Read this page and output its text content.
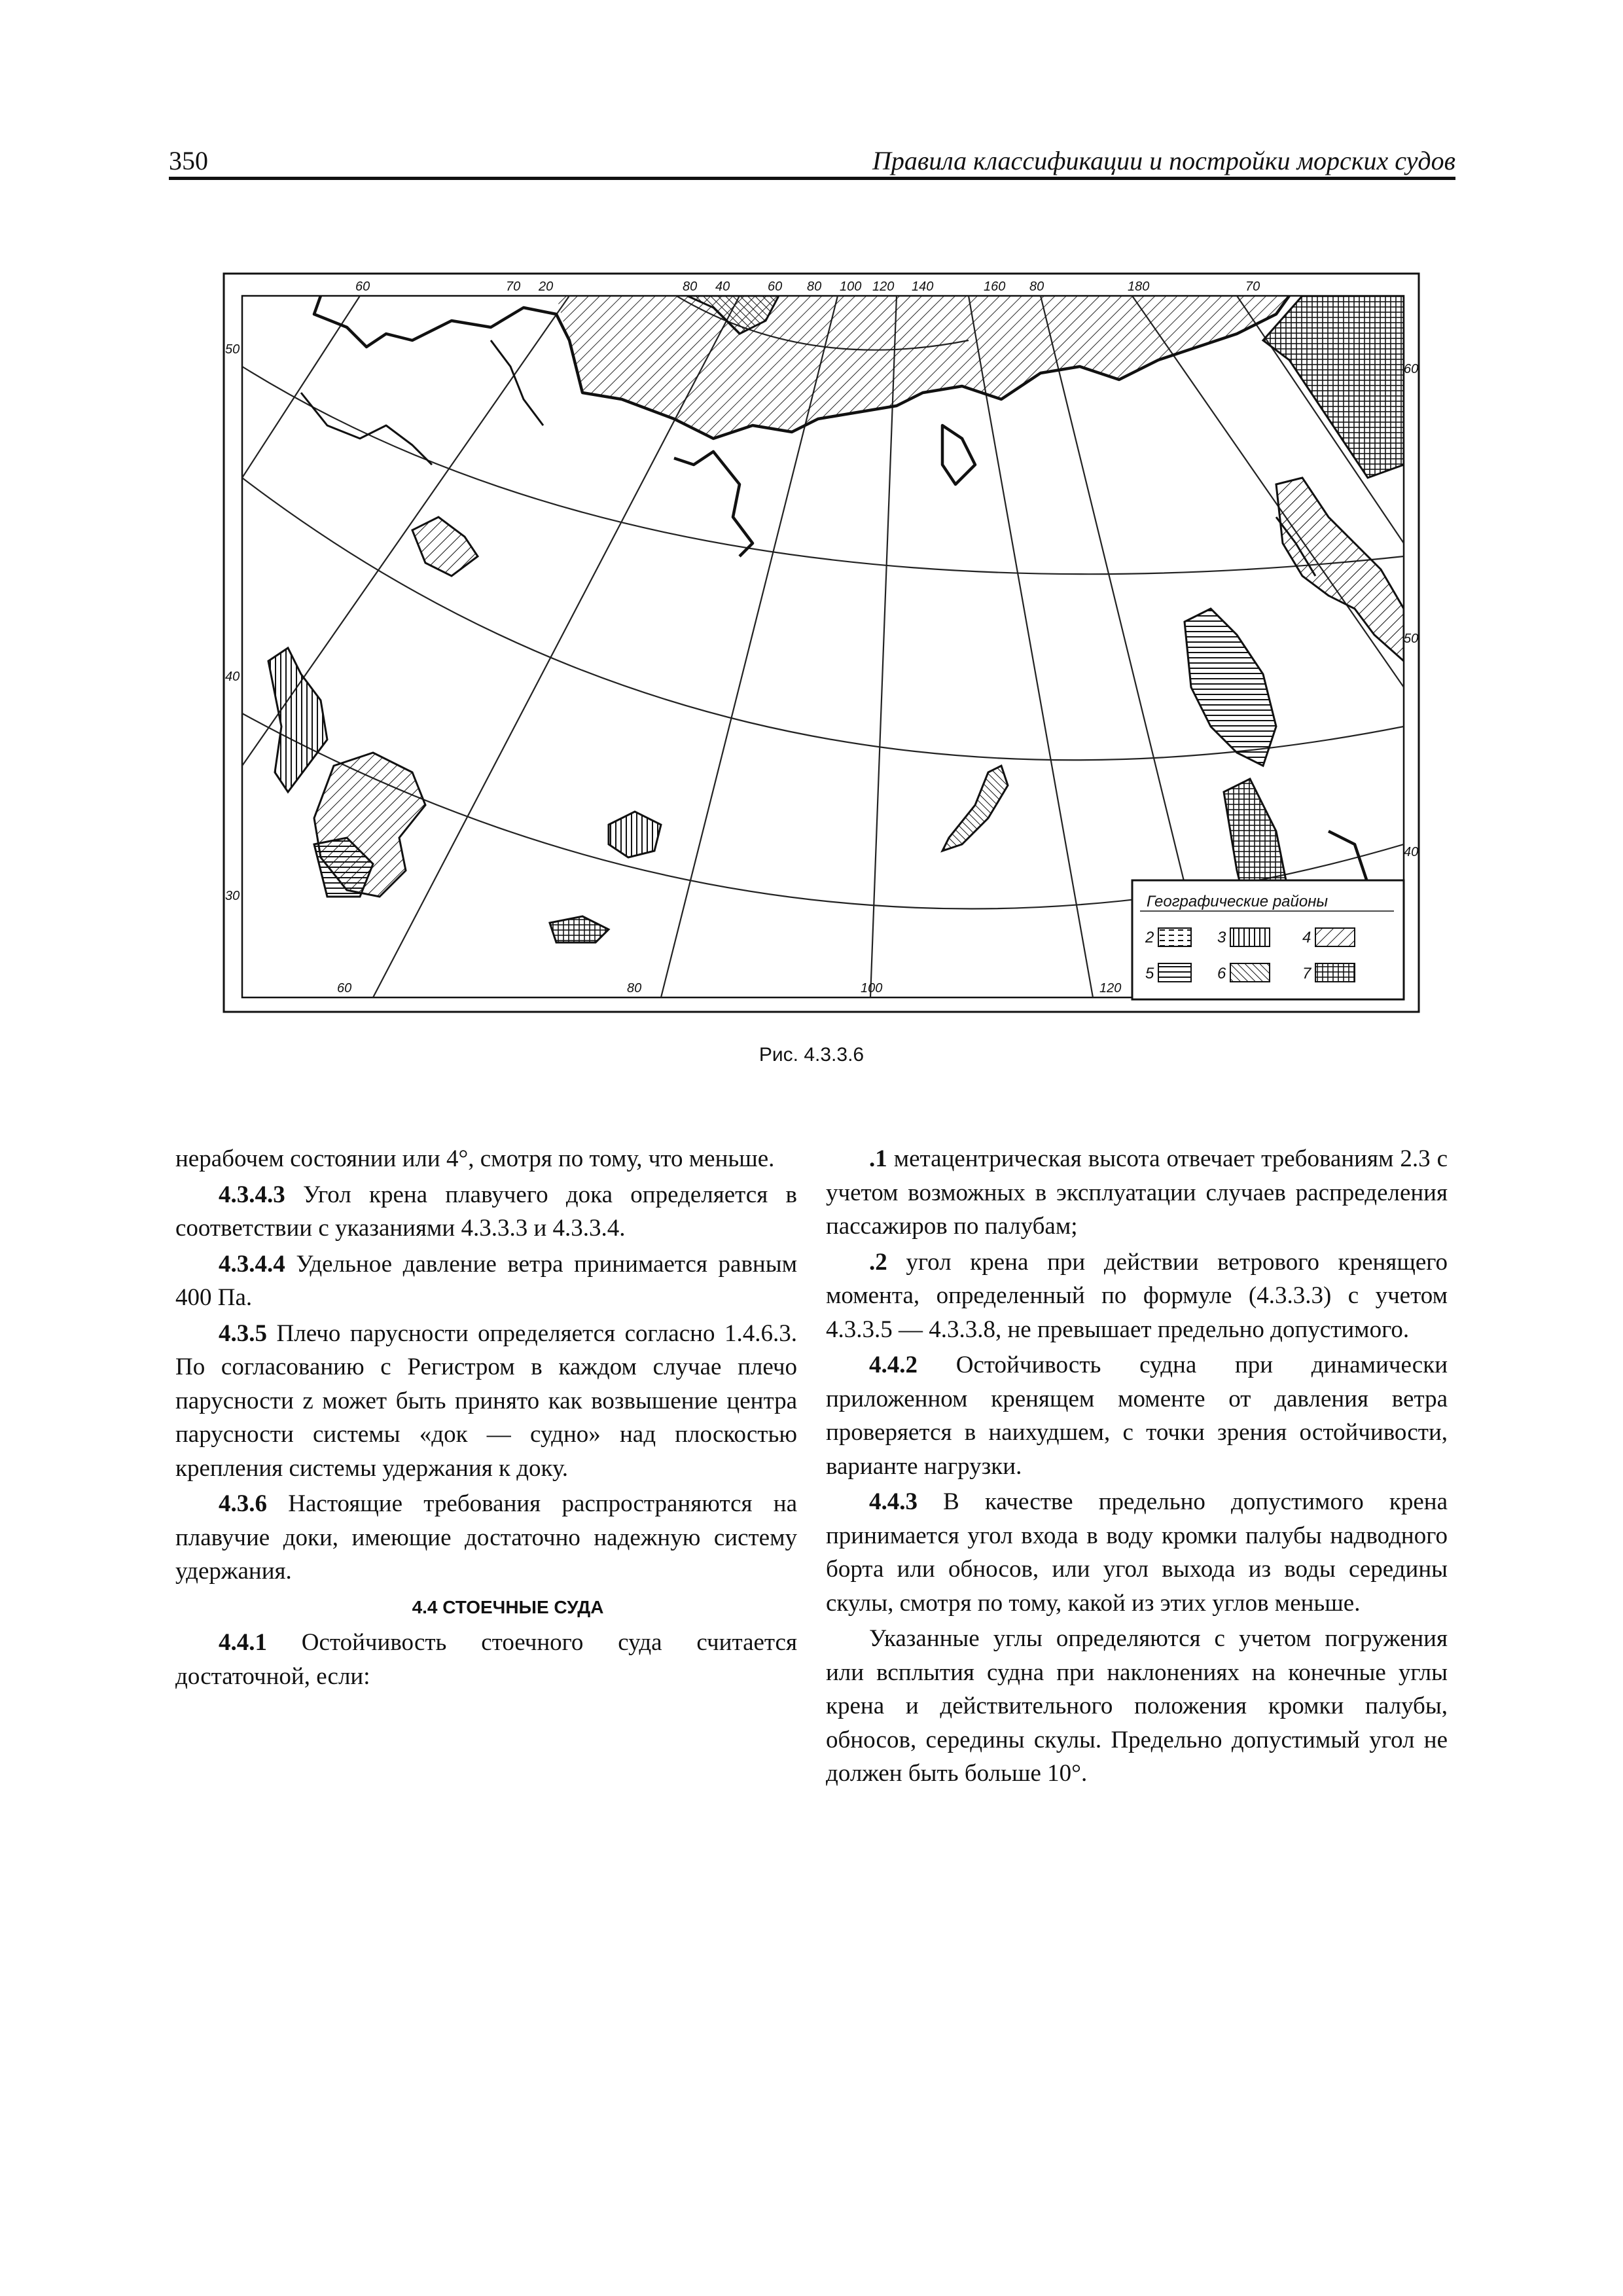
350	Правила классификации и постройки морских судов
60	70 20	80 40	60 80 100 120 140	160 80	180	70
60	80	100	120
50
40
30
60
50
40
Географические районы
2	3	4
5	6	7
Рис. 4.3.3.6

нерабочем состоянии или 4°, смотря по тому, что меньше.

4.3.4.3 Угол крена плавучего дока определяется в соответствии с указаниями 4.3.3.3 и 4.3.3.4.

4.3.4.4 Удельное давление ветра принимается равным 400 Па.

4.3.5 Плечо парусности определяется согласно 1.4.6.3. По согласованию с Регистром в каждом случае плечо парусности z может быть принято как возвышение центра парусности системы «док — судно» над плоскостью крепления системы удержания к доку.

4.3.6 Настоящие требования распространяются на плавучие доки, имеющие достаточно надежную систему удержания.

4.4 СТОЕЧНЫЕ СУДА

4.4.1 Остойчивость стоечного суда считается достаточной, если:

.1 метацентрическая высота отвечает требованиям 2.3 с учетом возможных в эксплуатации случаев распределения пассажиров по палубам;

.2 угол крена при действии ветрового кренящего момента, определенный по формуле (4.3.3.3) с учетом 4.3.3.5 — 4.3.3.8, не превышает предельно допустимого.

4.4.2 Остойчивость судна при динамически приложенном кренящем моменте от давления ветра проверяется в наихудшем, с точки зрения остойчивости, варианте нагрузки.

4.4.3 В качестве предельно допустимого крена принимается угол входа в воду кромки палубы надводного борта или обносов, или угол выхода из воды середины скулы, смотря по тому, какой из этих углов меньше.

Указанные углы определяются с учетом погружения или всплытия судна при наклонениях на конечные углы крена и действительного положения кромки палубы, обносов, середины скулы. Предельно допустимый угол не должен быть больше 10°.
